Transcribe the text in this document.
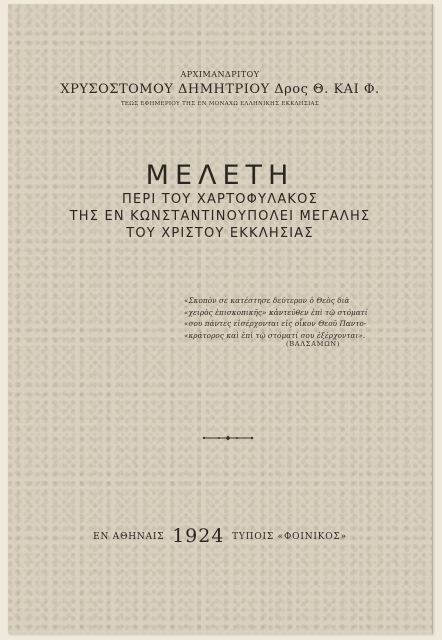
ΑΡΧΙΜΑΝΔΡΙΤΟΥ
ΧΡΥΣΟΣΤΟΜΟΥ ΔΗΜΗΤΡΙΟΥ Δρος Θ. ΚΑΙ Φ.
ΤΕΩΣ ΕΦΗΜΕΡΙΟΥ ΤΗΣ ΕΝ ΜΟΝΑΧΩ ΕΛΛΗΝΙΚΗΣ ΕΚΚΛΗΣΙΑΣ
ΜΕΛΕΤΗ
ΠΕΡΙ ΤΟΥ ΧΑΡΤΟΦΥΛΑΚΟΣ
ΤΗΣ ΕΝ ΚΩΝΣΤΑΝΤΙΝΟΥΠΟΛΕΙ ΜΕΓΑΛΗΣ
ΤΟΥ ΧΡΙΣΤΟΥ ΕΚΚΛΗΣΙΑΣ
«Σκοπὸν σε κατέστησε δεύτερον ὁ Θεὸς διὰ
«χειρὸς ἐπισκοπικῆς» κἀντεῦθεν ἐπὶ τῷ στόματί
«σου πάντες εἰσέρχονται εἰς οἶκον Θεοῦ Παντο-
«κράτορος καὶ ἐπὶ τῷ στόματί σου ἐξέρχονται».
(ΒΑΛΣΑΜΩΝ)
ΕΝ ΑΘΗΝΑΙΣ 1924 ΤΥΠΟΙΣ «ΦΟΙΝΙΚΟΣ»
